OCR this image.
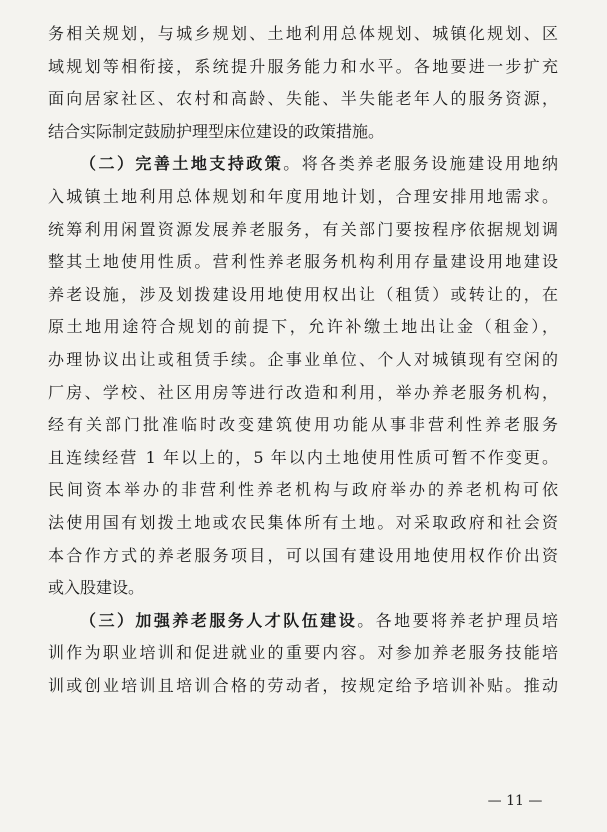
务相关规划，与城乡规划、土地利用总体规划、城镇化规划、区

域规划等相衔接，系统提升服务能力和水平。各地要进一步扩充

面向居家社区、农村和高龄、失能、半失能老年人的服务资源，

结合实际制定鼓励护理型床位建设的政策措施。

（二）完善土地支持政策。将各类养老服务设施建设用地纳

入城镇土地利用总体规划和年度用地计划，合理安排用地需求。

统筹利用闲置资源发展养老服务，有关部门要按程序依据规划调

整其土地使用性质。营利性养老服务机构利用存量建设用地建设

养老设施，涉及划拨建设用地使用权出让（租赁）或转让的，在

原土地用途符合规划的前提下，允许补缴土地出让金（租金），

办理协议出让或租赁手续。企事业单位、个人对城镇现有空闲的

厂房、学校、社区用房等进行改造和利用，举办养老服务机构，

经有关部门批准临时改变建筑使用功能从事非营利性养老服务

且连续经营 1 年以上的，5 年以内土地使用性质可暂不作变更。

民间资本举办的非营利性养老机构与政府举办的养老机构可依

法使用国有划拨土地或农民集体所有土地。对采取政府和社会资

本合作方式的养老服务项目，可以国有建设用地使用权作价出资

或入股建设。

（三）加强养老服务人才队伍建设。各地要将养老护理员培

训作为职业培训和促进就业的重要内容。对参加养老服务技能培

训或创业培训且培训合格的劳动者，按规定给予培训补贴。推动

— 11 —
